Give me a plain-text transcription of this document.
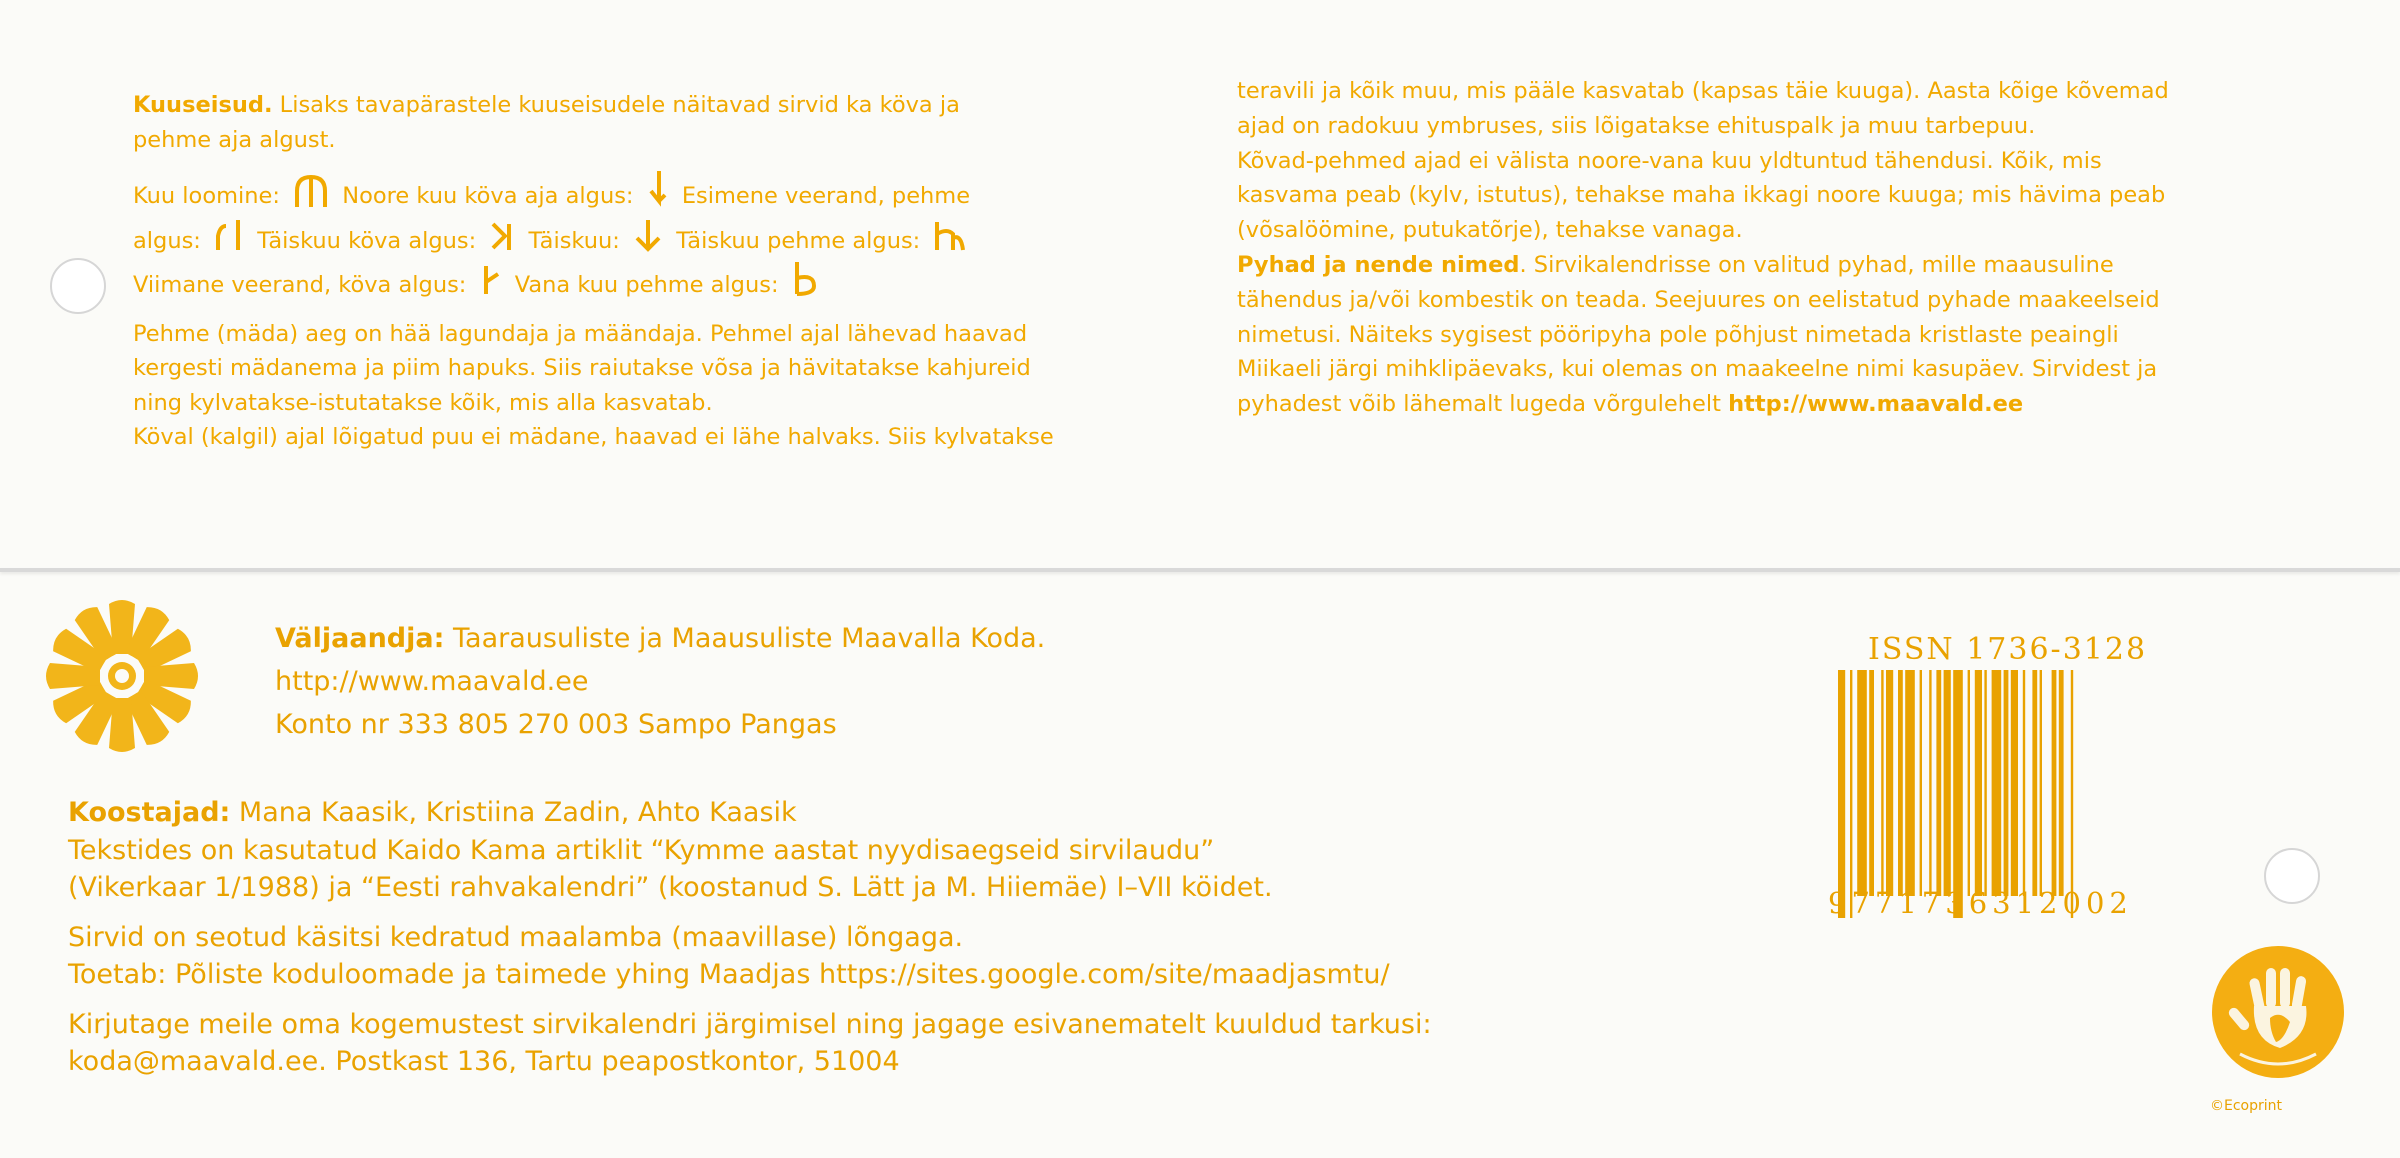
Kuuseisud. Lisaks tavapärastele kuuseisudele näitavad sirvid ka köva ja

pehme aja algust.

Kuu loomine:	Noore kuu köva aja algus: Esimene veerand, pehme

algus:	Täiskuu köva algus: Täiskuu:	Täiskuu pehme algus:

Viimane veerand, köva algus: Vana kuu pehme algus:

Pehme (mäda) aeg on hää lagundaja ja määndaja. Pehmel ajal lähevad haavad

kergesti mädanema ja piim hapuks. Siis raiutakse võsa ja hävitatakse kahjureid

ning kylvatakse-istutatakse kõik, mis alla kasvatab.

Köval (kalgil) ajal lõigatud puu ei mädane, haavad ei lähe halvaks. Siis kylvatakse

teravili ja kõik muu, mis pääle kasvatab (kapsas täie kuuga). Aasta kõige kõvemad

ajad on radokuu ymbruses, siis lõigatakse ehituspalk ja muu tarbepuu.

Kõvad-pehmed ajad ei välista noore-vana kuu yldtuntud tähendusi. Kõik, mis

kasvama peab (kylv, istutus), tehakse maha ikkagi noore kuuga; mis hävima peab

(võsalöömine, putukatõrje), tehakse vanaga.

Pyhad ja nende nimed. Sirvikalendrisse on valitud pyhad, mille maausuline

tähendus ja/või kombestik on teada. Seejuures on eelistatud pyhade maakeelseid

nimetusi. Näiteks sygisest pööripyha pole põhjust nimetada kristlaste peaingli

Miikaeli järgi mihklipäevaks, kui olemas on maakeelne nimi kasupäev. Sirvidest ja

pyhadest võib lähemalt lugeda võrgulehelt http://www.maavald.ee

Väljaandja: Taarausuliste ja Maausuliste Maavalla Koda.

http://www.maavald.ee

Konto nr 333 805 270 003 Sampo Pangas

Koostajad: Mana Kaasik, Kristiina Zadin, Ahto Kaasik

Tekstides on kasutatud Kaido Kama artiklit “Kymme aastat nyydisaegseid sirvilaudu”

(Vikerkaar 1/1988) ja “Eesti rahvakalendri” (koostanud S. Lätt ja M. Hiiemäe) I–VII köidet.

Sirvid on seotud käsitsi kedratud maalamba (maavillase) lõngaga.

Toetab: Põliste koduloomade ja taimede yhing Maadjas https://sites.google.com/site/maadjasmtu/

Kirjutage meile oma kogemustest sirvikalendri järgimisel ning jagage esivanematelt kuuldud tarkusi:

koda@maavald.ee. Postkast 136, Tartu peapostkontor, 51004

ISSN 1736-3128
9771736312002
©Ecoprint
